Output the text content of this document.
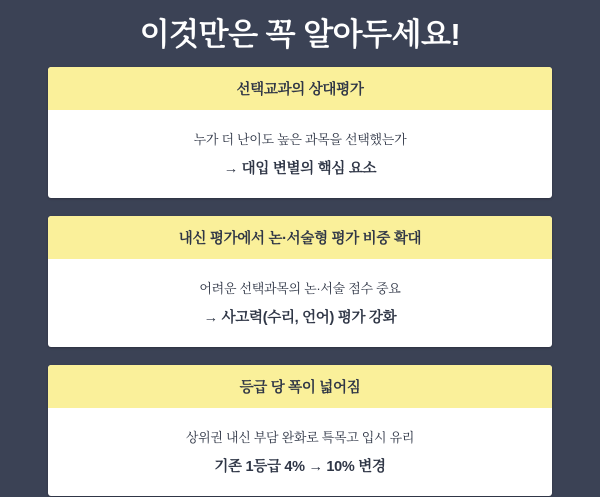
이것만은 꼭 알아두세요!
선택교과의 상대평가
누가 더 난이도 높은 과목을 선택했는가
→ 대입 변별의 핵심 요소
내신 평가에서 논·서술형 평가 비중 확대
어려운 선택과목의 논·서술 점수 중요
→ 사고력(수리, 언어) 평가 강화
등급 당 폭이 넓어짐
상위권 내신 부담 완화로 특목고 입시 유리
기존 1등급 4% → 10% 변경
